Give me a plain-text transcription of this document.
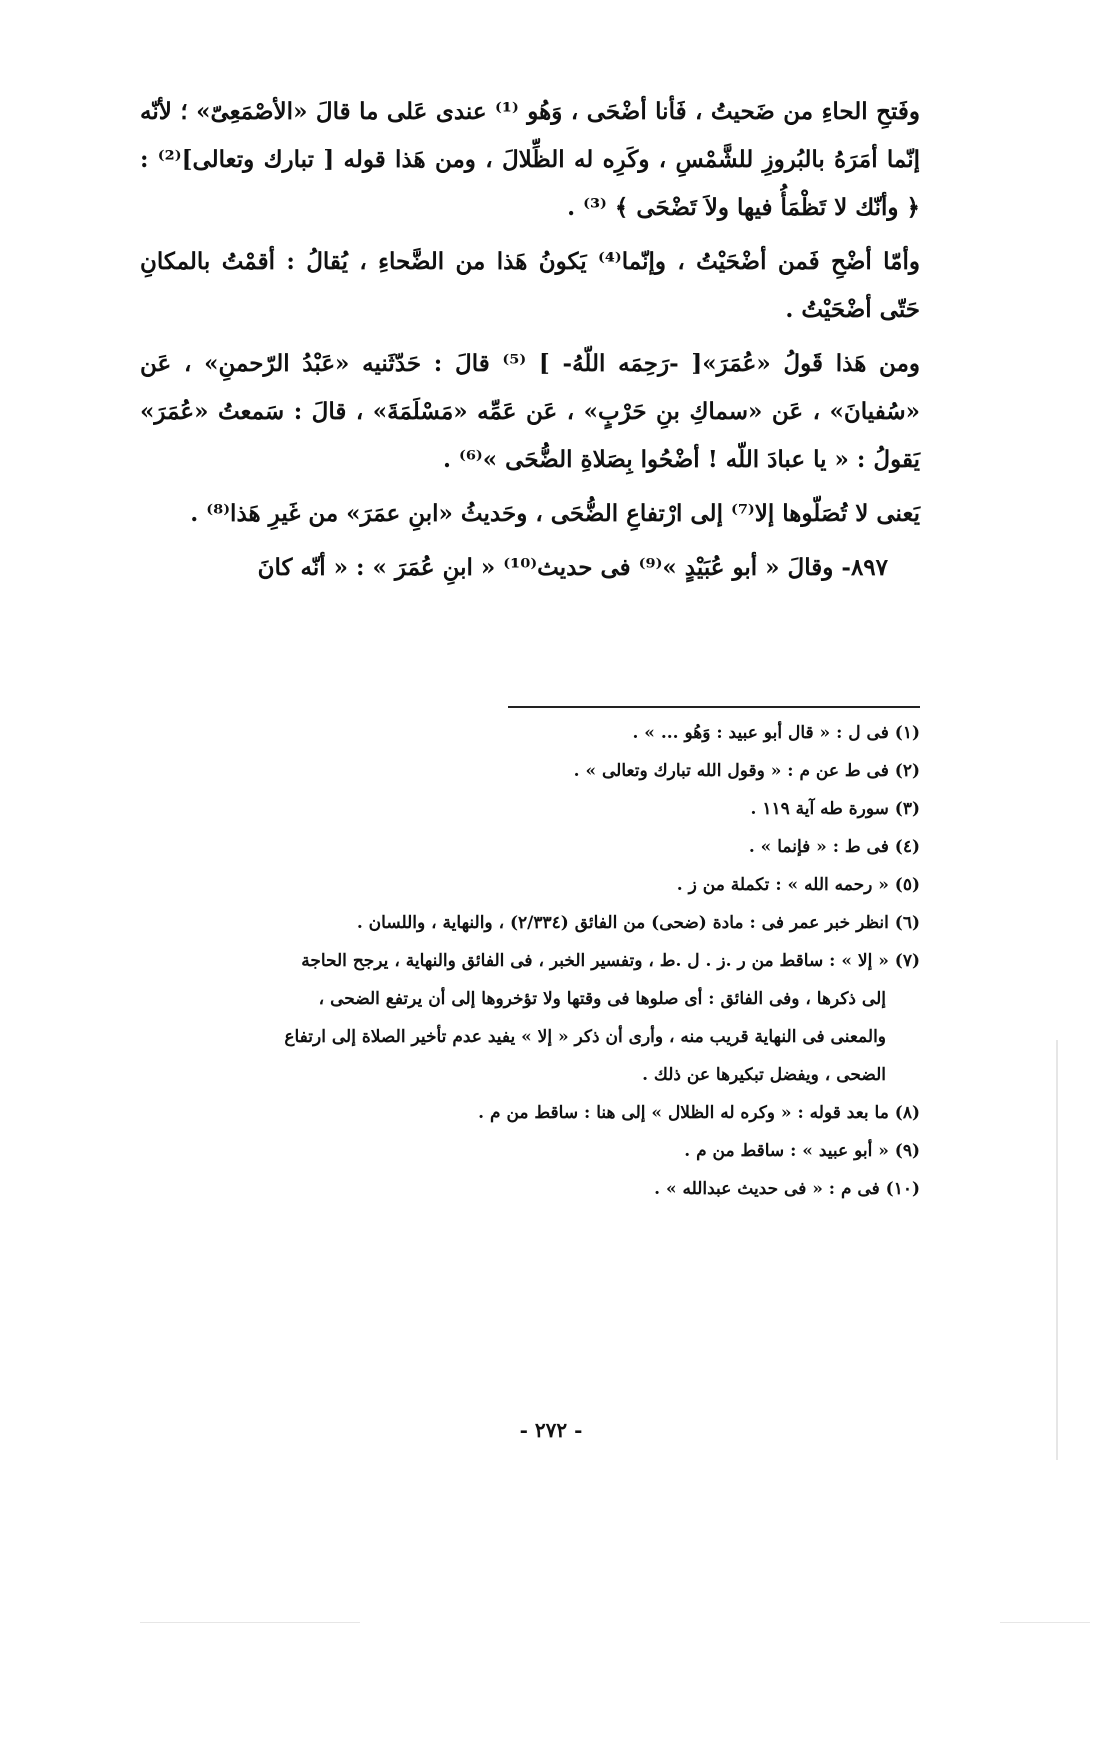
وفَتحِ الحاءِ من ضَحيتُ ، فَأنا أضْحَى ، وَهُو ⁽¹⁾ عندى عَلى ما قالَ «الأصْمَعِىّ» ؛ لأنّه إنّما أمَرَهُ بالبُروزِ للشَّمْسِ ، وكَرِه له الظِّلالَ ، ومن هَذا قوله [ تبارك وتعالى]⁽²⁾ : ﴿ وأنّك لا تَظْمَأُ فيها ولاَ تَضْحَى ﴾ ⁽³⁾ .

وأمّا أضْحِ فَمن أضْحَيْتُ ، وإنّما⁽⁴⁾ يَكونُ هَذا من الضَّحاءِ ، يُقالُ : أقمْتُ بالمكانِ حَتّى أضْحَيْتُ .

ومن هَذا قَولُ «عُمَرَ»[ -رَحِمَه اللّهُ- ] ⁽⁵⁾ قالَ : حَدّثَنيه «عَبْدُ الرّحمنِ» ، عَن «سُفيانَ» ، عَن «سماكِ بنِ حَرْبٍ» ، عَن عَمِّه «مَسْلَمَةَ» ، قالَ : سَمعتُ «عُمَرَ» يَقولُ : « يا عبادَ اللّه ! أضْحُوا بِصَلاةِ الضُّحَى »⁽⁶⁾ .

يَعنى لا تُصَلّوها إلا⁽⁷⁾ إلى ارْتفاعِ الضُّحَى ، وحَديثُ «ابنِ عمَرَ» من غَيرِ هَذا⁽⁸⁾ .

٨٩٧- وقالَ « أبو عُبَيْدٍ »⁽⁹⁾ فى حديث⁽¹⁰⁾ « ابنِ عُمَرَ » : « أنّه كانَ

(١) فى ل : « قال أبو عبيد : وَهُو ... » .

(٢) فى ط عن م : « وقول الله تبارك وتعالى » .

(٣) سورة طه آية ١١٩ .

(٤) فى ط : « فإنما » .

(٥) « رحمه الله » : تكملة من ز .

(٦) انظر خبر عمر فى : مادة (ضحى) من الفائق (٢/٣٣٤) ، والنهاية ، واللسان .

(٧) « إلا » : ساقط من ر .ز . ل .ط ، وتفسير الخبر ، فى الفائق والنهاية ، يرجح الحاجة

إلى ذكرها ، وفى الفائق : أى صلوها فى وقتها ولا تؤخروها إلى أن يرتفع الضحى ،

والمعنى فى النهاية قريب منه ، وأرى أن ذكر « إلا » يفيد عدم تأخير الصلاة إلى ارتفاع

الضحى ، ويفضل تبكيرها عن ذلك .

(٨) ما بعد قوله : « وكره له الظلال » إلى هنا : ساقط من م .

(٩) « أبو عبيد » : ساقط من م .

(١٠) فى م : « فى حديث عبدالله » .

- ٢٧٢ -
